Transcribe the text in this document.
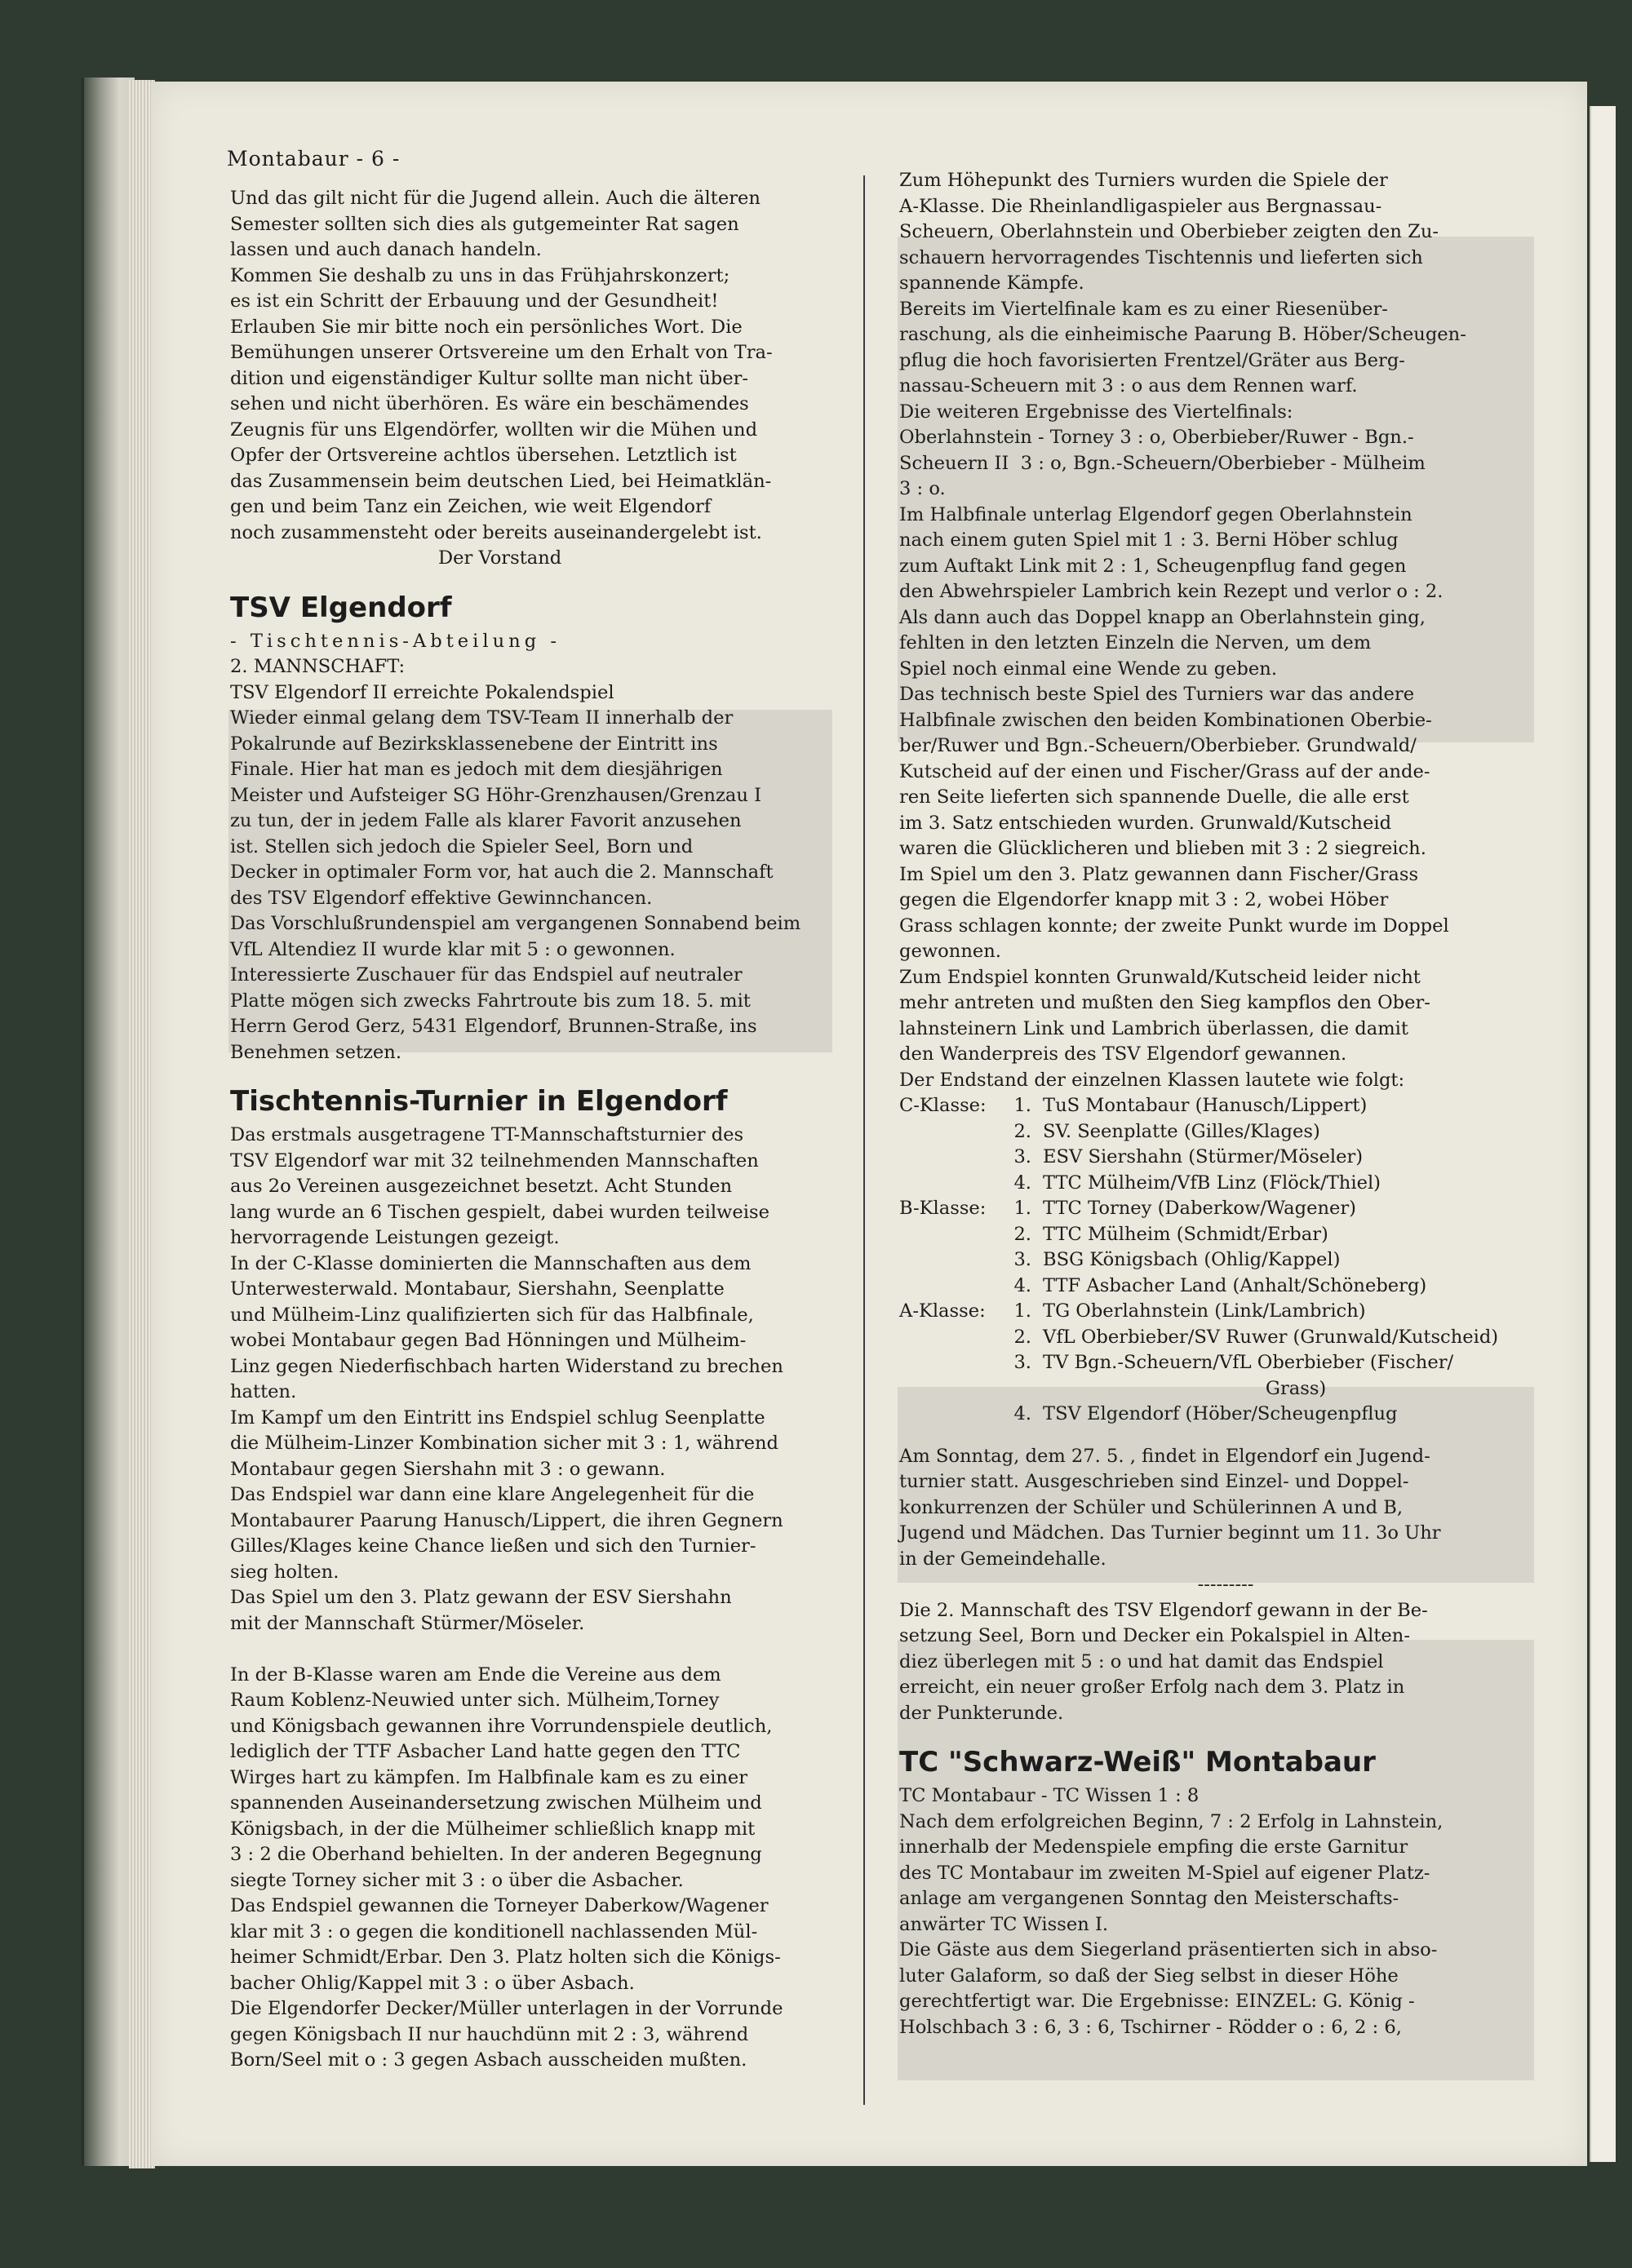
Montabaur - 6 -
Und das gilt nicht für die Jugend allein. Auch die älteren
Semester sollten sich dies als gutgemeinter Rat sagen
lassen und auch danach handeln.
Kommen Sie deshalb zu uns in das Frühjahrskonzert;
es ist ein Schritt der Erbauung und der Gesundheit!
Erlauben Sie mir bitte noch ein persönliches Wort. Die
Bemühungen unserer Ortsvereine um den Erhalt von Tra-
dition und eigenständiger Kultur sollte man nicht über-
sehen und nicht überhören. Es wäre ein beschämendes
Zeugnis für uns Elgendörfer, wollten wir die Mühen und
Opfer der Ortsvereine achtlos übersehen. Letztlich ist
das Zusammensein beim deutschen Lied, bei Heimatklän-
gen und beim Tanz ein Zeichen, wie weit Elgendorf
noch zusammensteht oder bereits auseinandergelebt ist.
Der Vorstand
TSV Elgendorf
- Tischtennis-Abteilung -
2. MANNSCHAFT:
TSV Elgendorf II erreichte Pokalendspiel
Wieder einmal gelang dem TSV-Team II innerhalb der
Pokalrunde auf Bezirksklassenebene der Eintritt ins
Finale. Hier hat man es jedoch mit dem diesjährigen
Meister und Aufsteiger SG Höhr-Grenzhausen/Grenzau I
zu tun, der in jedem Falle als klarer Favorit anzusehen
ist. Stellen sich jedoch die Spieler Seel, Born und
Decker in optimaler Form vor, hat auch die 2. Mannschaft
des TSV Elgendorf effektive Gewinnchancen.
Das Vorschlußrundenspiel am vergangenen Sonnabend beim
VfL Altendiez II wurde klar mit 5 : o gewonnen.
Interessierte Zuschauer für das Endspiel auf neutraler
Platte mögen sich zwecks Fahrtroute bis zum 18. 5. mit
Herrn Gerod Gerz, 5431 Elgendorf, Brunnen-Straße, ins
Benehmen setzen.
Tischtennis-Turnier in Elgendorf
Das erstmals ausgetragene TT-Mannschaftsturnier des
TSV Elgendorf war mit 32 teilnehmenden Mannschaften
aus 2o Vereinen ausgezeichnet besetzt. Acht Stunden
lang wurde an 6 Tischen gespielt, dabei wurden teilweise
hervorragende Leistungen gezeigt.
In der C-Klasse dominierten die Mannschaften aus dem
Unterwesterwald. Montabaur, Siershahn, Seenplatte
und Mülheim-Linz qualifizierten sich für das Halbfinale,
wobei Montabaur gegen Bad Hönningen und Mülheim-
Linz gegen Niederfischbach harten Widerstand zu brechen
hatten.
Im Kampf um den Eintritt ins Endspiel schlug Seenplatte
die Mülheim-Linzer Kombination sicher mit 3 : 1, während
Montabaur gegen Siershahn mit 3 : o gewann.
Das Endspiel war dann eine klare Angelegenheit für die
Montabaurer Paarung Hanusch/Lippert, die ihren Gegnern
Gilles/Klages keine Chance ließen und sich den Turnier-
sieg holten.
Das Spiel um den 3. Platz gewann der ESV Siershahn
mit der Mannschaft Stürmer/Möseler.
In der B-Klasse waren am Ende die Vereine aus dem
Raum Koblenz-Neuwied unter sich. Mülheim,Torney
und Königsbach gewannen ihre Vorrundenspiele deutlich,
lediglich der TTF Asbacher Land hatte gegen den TTC
Wirges hart zu kämpfen. Im Halbfinale kam es zu einer
spannenden Auseinandersetzung zwischen Mülheim und
Königsbach, in der die Mülheimer schließlich knapp mit
3 : 2 die Oberhand behielten. In der anderen Begegnung
siegte Torney sicher mit 3 : o über die Asbacher.
Das Endspiel gewannen die Torneyer Daberkow/Wagener
klar mit 3 : o gegen die konditionell nachlassenden Mül-
heimer Schmidt/Erbar. Den 3. Platz holten sich die Königs-
bacher Ohlig/Kappel mit 3 : o über Asbach.
Die Elgendorfer Decker/Müller unterlagen in der Vorrunde
gegen Königsbach II nur hauchdünn mit 2 : 3, während
Born/Seel mit o : 3 gegen Asbach ausscheiden mußten.
Zum Höhepunkt des Turniers wurden die Spiele der
A-Klasse. Die Rheinlandligaspieler aus Bergnassau-
Scheuern, Oberlahnstein und Oberbieber zeigten den Zu-
schauern hervorragendes Tischtennis und lieferten sich
spannende Kämpfe.
Bereits im Viertelfinale kam es zu einer Riesenüber-
raschung, als die einheimische Paarung B. Höber/Scheugen-
pflug die hoch favorisierten Frentzel/Gräter aus Berg-
nassau-Scheuern mit 3 : o aus dem Rennen warf.
Die weiteren Ergebnisse des Viertelfinals:
Oberlahnstein - Torney 3 : o, Oberbieber/Ruwer - Bgn.-
Scheuern II  3 : o, Bgn.-Scheuern/Oberbieber - Mülheim
3 : o.
Im Halbfinale unterlag Elgendorf gegen Oberlahnstein
nach einem guten Spiel mit 1 : 3. Berni Höber schlug
zum Auftakt Link mit 2 : 1, Scheugenpflug fand gegen
den Abwehrspieler Lambrich kein Rezept und verlor o : 2.
Als dann auch das Doppel knapp an Oberlahnstein ging,
fehlten in den letzten Einzeln die Nerven, um dem
Spiel noch einmal eine Wende zu geben.
Das technisch beste Spiel des Turniers war das andere
Halbfinale zwischen den beiden Kombinationen Oberbie-
ber/Ruwer und Bgn.-Scheuern/Oberbieber. Grundwald/
Kutscheid auf der einen und Fischer/Grass auf der ande-
ren Seite lieferten sich spannende Duelle, die alle erst
im 3. Satz entschieden wurden. Grunwald/Kutscheid
waren die Glücklicheren und blieben mit 3 : 2 siegreich.
Im Spiel um den 3. Platz gewannen dann Fischer/Grass
gegen die Elgendorfer knapp mit 3 : 2, wobei Höber
Grass schlagen konnte; der zweite Punkt wurde im Doppel
gewonnen.
Zum Endspiel konnten Grunwald/Kutscheid leider nicht
mehr antreten und mußten den Sieg kampflos den Ober-
lahnsteinern Link und Lambrich überlassen, die damit
den Wanderpreis des TSV Elgendorf gewannen.
Der Endstand der einzelnen Klassen lautete wie folgt:
C-Klasse: 1. TuS Montabaur (Hanusch/Lippert)
2. SV. Seenplatte (Gilles/Klages)
3. ESV Siershahn (Stürmer/Möseler)
4. TTC Mülheim/VfB Linz (Flöck/Thiel)
B-Klasse: 1. TTC Torney (Daberkow/Wagener)
2. TTC Mülheim (Schmidt/Erbar)
3. BSG Königsbach (Ohlig/Kappel)
4. TTF Asbacher Land (Anhalt/Schöneberg)
A-Klasse: 1. TG Oberlahnstein (Link/Lambrich)
2. VfL Oberbieber/SV Ruwer (Grunwald/Kutscheid)
3. TV Bgn.-Scheuern/VfL Oberbieber (Fischer/
Grass)
4. TSV Elgendorf (Höber/Scheugenpflug
Am Sonntag, dem 27. 5. , findet in Elgendorf ein Jugend-
turnier statt. Ausgeschrieben sind Einzel- und Doppel-
konkurrenzen der Schüler und Schülerinnen A und B,
Jugend und Mädchen. Das Turnier beginnt um 11. 3o Uhr
in der Gemeindehalle.
---------
Die 2. Mannschaft des TSV Elgendorf gewann in der Be-
setzung Seel, Born und Decker ein Pokalspiel in Alten-
diez überlegen mit 5 : o und hat damit das Endspiel
erreicht, ein neuer großer Erfolg nach dem 3. Platz in
der Punkterunde.
TC "Schwarz-Weiß" Montabaur
TC Montabaur - TC Wissen 1 : 8
Nach dem erfolgreichen Beginn, 7 : 2 Erfolg in Lahnstein,
innerhalb der Medenspiele empfing die erste Garnitur
des TC Montabaur im zweiten M-Spiel auf eigener Platz-
anlage am vergangenen Sonntag den Meisterschafts-
anwärter TC Wissen I.
Die Gäste aus dem Siegerland präsentierten sich in abso-
luter Galaform, so daß der Sieg selbst in dieser Höhe
gerechtfertigt war. Die Ergebnisse: EINZEL: G. König -
Holschbach 3 : 6, 3 : 6, Tschirner - Rödder o : 6, 2 : 6,
